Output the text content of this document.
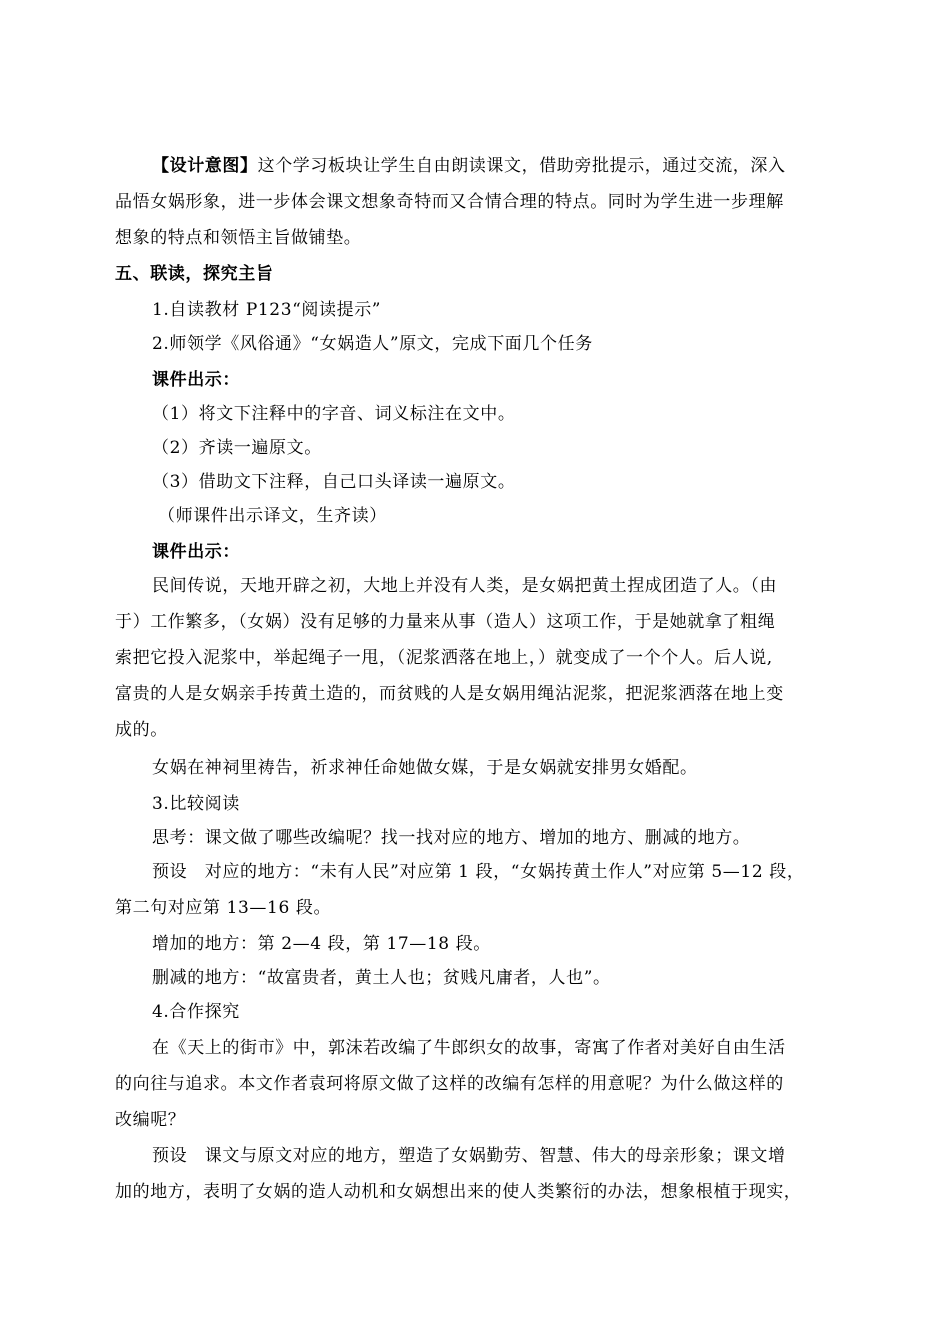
【设计意图】这个学习板块让学生自由朗读课文，借助旁批提示，通过交流，深入
品悟女娲形象，进一步体会课文想象奇特而又合情合理的特点。同时为学生进一步理解
想象的特点和领悟主旨做铺垫。
五、联读，探究主旨
1.自读教材 P123“阅读提示”
2.师领学《风俗通》“女娲造人”原文，完成下面几个任务
课件出示：
（1）将文下注释中的字音、词义标注在文中。
（2）齐读一遍原文。
（3）借助文下注释，自己口头译读一遍原文。
（师课件出示译文，生齐读）
课件出示：
民间传说，天地开辟之初，大地上并没有人类，是女娲把黄土捏成团造了人。（由
于）工作繁多，（女娲）没有足够的力量来从事（造人）这项工作，于是她就拿了粗绳
索把它投入泥浆中，举起绳子一甩，（泥浆洒落在地上，）就变成了一个个人。后人说,
富贵的人是女娲亲手抟黄土造的，而贫贱的人是女娲用绳沾泥浆，把泥浆洒落在地上变
成的。
女娲在神祠里祷告，祈求神任命她做女媒，于是女娲就安排男女婚配。
3.比较阅读
思考：课文做了哪些改编呢？找一找对应的地方、增加的地方、删减的地方。
预设　对应的地方：“未有人民”对应第 1 段，“女娲抟黄土作人”对应第 5—12 段，
第二句对应第 13—16 段。
增加的地方：第 2—4 段，第 17—18 段。
删减的地方：“故富贵者，黄土人也；贫贱凡庸者，人也”。
4.合作探究
在《天上的街市》中，郭沫若改编了牛郎织女的故事，寄寓了作者对美好自由生活
的向往与追求。本文作者袁珂将原文做了这样的改编有怎样的用意呢？为什么做这样的
改编呢？
预设　课文与原文对应的地方，塑造了女娲勤劳、智慧、伟大的母亲形象；课文增
加的地方，表明了女娲的造人动机和女娲想出来的使人类繁衍的办法，想象根植于现实，
